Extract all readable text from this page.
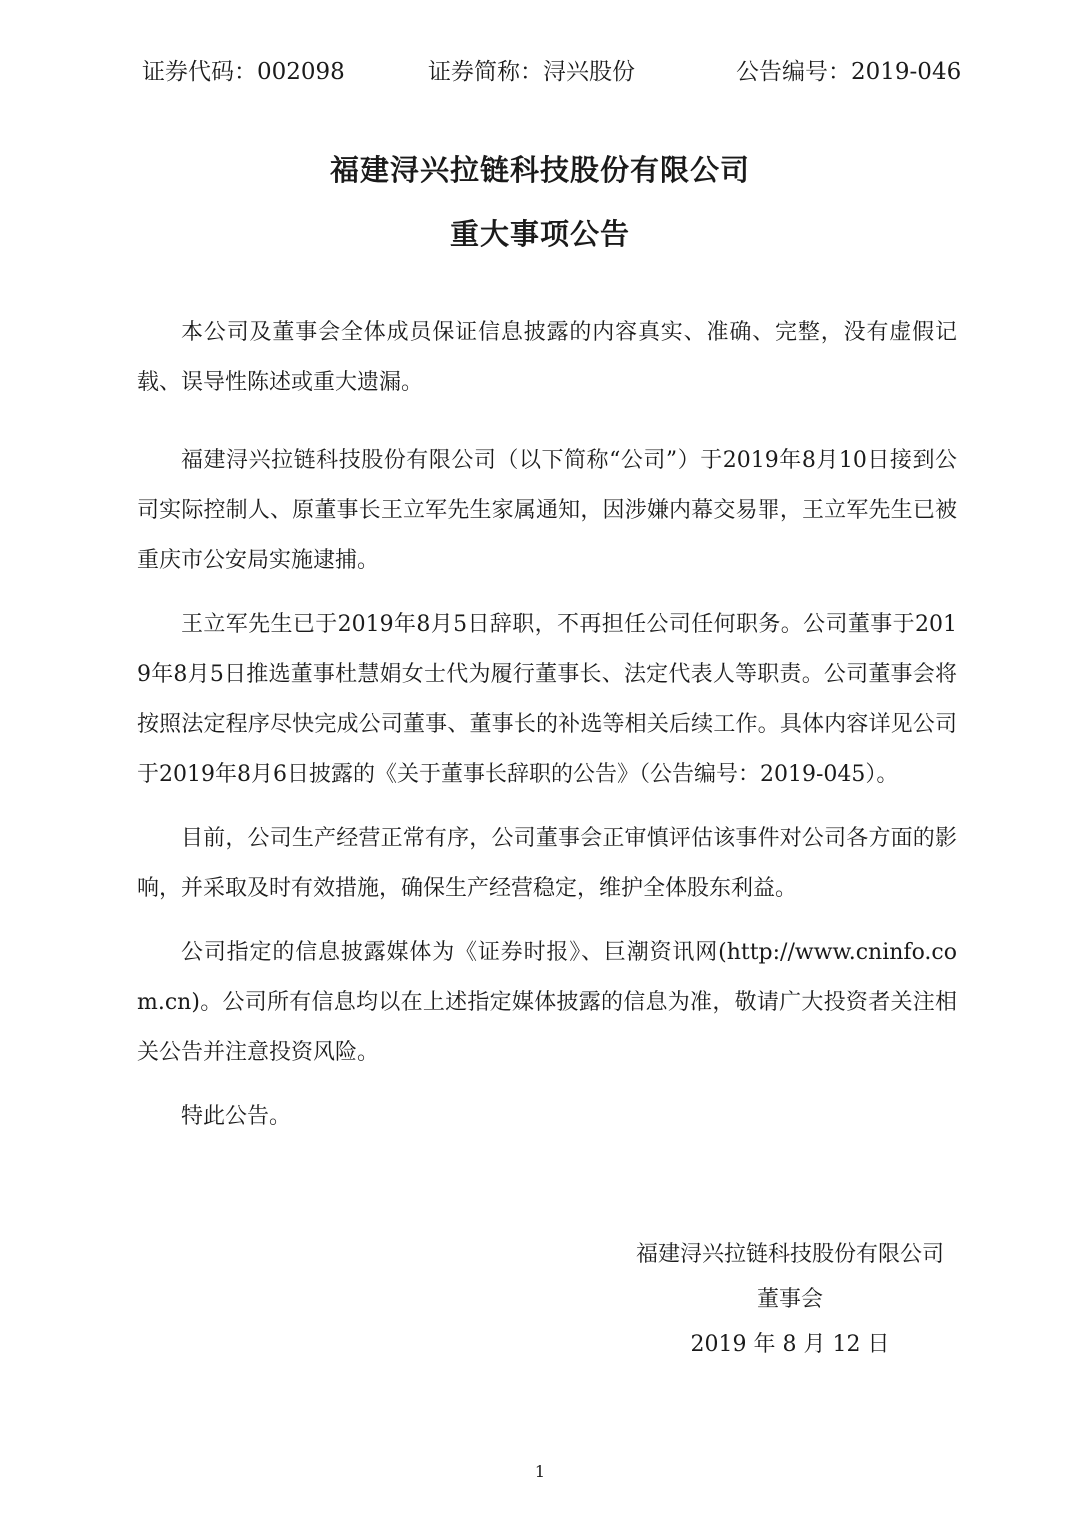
证券代码：002098	证券简称：浔兴股份	公告编号：2019-046
福建浔兴拉链科技股份有限公司
重大事项公告

本公司及董事会全体成员保证信息披露的内容真实、准确、完整，没有虚假记载、误导性陈述或重大遗漏。

福建浔兴拉链科技股份有限公司（以下简称“公司”）于2019年8月10日接到公司实际控制人、原董事长王立军先生家属通知，因涉嫌内幕交易罪，王立军先生已被重庆市公安局实施逮捕。

王立军先生已于2019年8月5日辞职，不再担任公司任何职务。公司董事于2019年8月5日推选董事杜慧娟女士代为履行董事长、法定代表人等职责。公司董事会将按照法定程序尽快完成公司董事、董事长的补选等相关后续工作。具体内容详见公司于2019年8月6日披露的《关于董事长辞职的公告》（公告编号：2019-045）。

目前，公司生产经营正常有序，公司董事会正审慎评估该事件对公司各方面的影响，并采取及时有效措施，确保生产经营稳定，维护全体股东利益。

公司指定的信息披露媒体为《证券时报》、巨潮资讯网(http://www.cninfo.com.cn)。公司所有信息均以在上述指定媒体披露的信息为准，敬请广大投资者关注相关公告并注意投资风险。

特此公告。

福建浔兴拉链科技股份有限公司
董事会
2019 年 8 月 12 日
1
